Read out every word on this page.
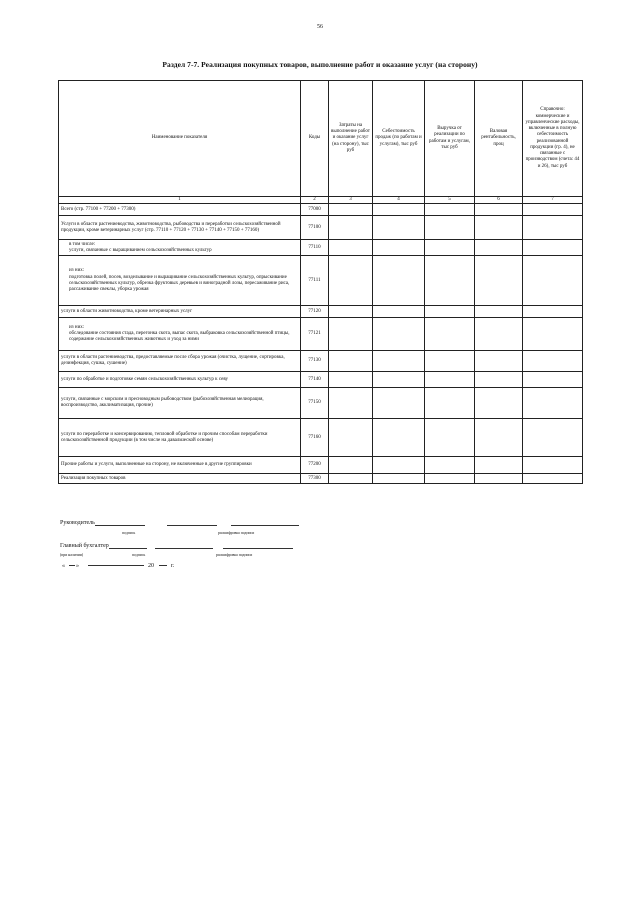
56
Раздел 7-7. Реализация покупных товаров, выполнение работ и оказание услуг (на сторону)
Наименование показателя	Коды	Затраты на выполнение работ и оказание услуг (на сторону), тыс руб	Себестоимость продаж (по работам и услугам), тыс руб	Выручка от реализации по работам и услугам, тыс руб	Валовая рентабельность, проц	Справочно: коммерческие и управленческие расходы, включенные в полную себестоимость реализованной продукции (гр. 4), не связанные с производством (счета: 44 и 26), тыс руб
1	2	3	4	5	6	7
Всего (стр. 77100 + 77200 + 77300)	77000					
Услуги в области растениеводства, животноводства, рыбоводства и переработки сельскохозяйственной продукции, кроме ветеринарных услуг (стр. 77110 + 77120 + 77130 + 77140 + 77150 + 77160)	77100					

в том числе:
услуги, связанные с выращиванием сельскохозяйственных культур	77110					

из них:
подготовка полей, посев, возделывание и выращивание сельскохозяйственных культур, опрыскивание сельскохозяйственных культур, обрезка фруктовых деревьев и виноградной лозы, пересаживание риса, рассаживание свеклы, уборка урожая	77111					
услуги в области животноводства, кроме ветеринарных услуг	77120					

из них:
обследование состояния стада, перегонка скота, выпас скота, выбраковка сельскохозяйственной птицы, содержание сельскохозяйственных животных и уход за ними	77121					
услуги в области растениеводства, предоставляемые после сбора урожая (очистка, лущение, сортировка, дезинфекция, сушка, сушение)	77130					
услуги по обработке и подготовке семян сельскохозяйственных культур к севу	77140					
услуги, связанные с морским и пресноводным рыбоводством (рыбохозяйственная мелиорация, воспроизводство, акклиматизация, прочие)	77150					
услуги по переработке и консервированию, тепловой обработке и прочим способам переработки сельскохозяйственной продукции (в том числе на давальческой основе)	77160					
Прочие работы и услуги, выполненные на сторону, не включенные в другие группировки	77200					
Реализация покупных товаров	77300					
Руководитель
подпись	расшифровка подписи
Главный бухгалтер
(при наличии)	подпись	расшифровка подписи
« »	20	г.
